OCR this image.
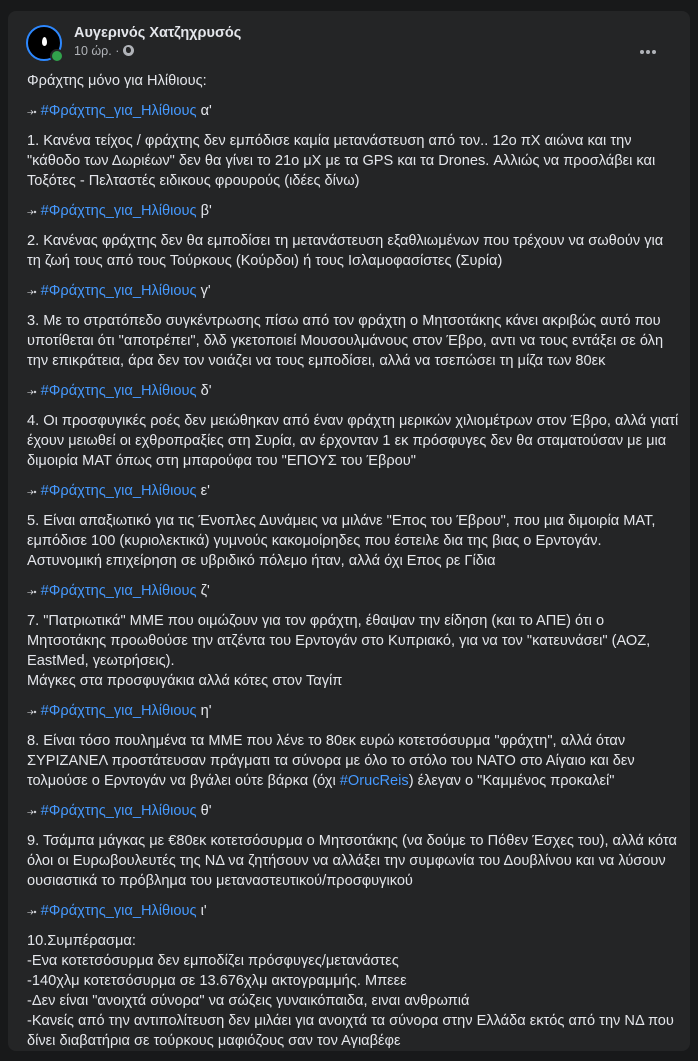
Αυγερινός Χατζηχρυσός
10 ώρ. ·

Φράχτης μόνο για Ηλίθιους:

⤞ #Φράχτης_για_Ηλίθιους α'

1. Κανένα τείχος / φράχτης δεν εμπόδισε καμία μετανάστευση από τον.. 12ο πΧ αιώνα και την "κάθοδο των Δωριέων" δεν θα γίνει το 21ο μΧ με τα GPS και τα Drones. Αλλιώς να προσλάβει και Τοξότες - Πελταστές ειδικους φρουρούς (ιδέες δίνω)

⤞ #Φράχτης_για_Ηλίθιους β'

2. Κανένας φράχτης δεν θα εμποδίσει τη μετανάστευση εξαθλιωμένων που τρέχουν να σωθούν για τη ζωή τους από τους Τούρκους (Κούρδοι) ή τους Ισλαμοφασίστες (Συρία)

⤞ #Φράχτης_για_Ηλίθιους γ'

3. Με το στρατόπεδο συγκέντρωσης πίσω από τον φράχτη ο Μητσοτάκης κάνει ακριβώς αυτό που υποτίθεται ότι "αποτρέπει", δλδ γκετοποιεί Μουσουλμάνους στον Έβρο, αντι να τους εντάξει σε όλη την επικράτεια, άρα δεν τον νοιάζει να τους εμποδίσει, αλλά να τσεπώσει τη μίζα των 80εκ

⤞ #Φράχτης_για_Ηλίθιους δ'

4. Οι προσφυγικές ροές δεν μειώθηκαν από έναν φράχτη μερικών χιλιομέτρων στον Έβρο, αλλά γιατί έχουν μειωθεί οι εχθροπραξίες στη Συρία, αν έρχονταν 1 εκ πρόσφυγες δεν θα σταματούσαν με μια διμοιρία ΜΑΤ όπως στη μπαρούφα του "ΕΠΟΥΣ του Έβρου"

⤞ #Φράχτης_για_Ηλίθιους ε'

5. Είναι απαξιωτικό για τις Ένοπλες Δυνάμεις να μιλάνε "Επος του Έβρου", που μια διμοιρία ΜΑΤ, εμπόδισε 100 (κυριολεκτικά) γυμνούς κακομοίρηδες που έστειλε δια της βιας ο Ερντογάν. Αστυνομική επιχείρηση σε υβριδικό πόλεμο ήταν, αλλά όχι Επος ρε Γίδια

⤞ #Φράχτης_για_Ηλίθιους ζ'

7. "Πατριωτικά" ΜΜΕ που οιμώζουν για τον φράχτη, έθαψαν την είδηση (και το ΑΠΕ) ότι ο Μητσοτάκης προωθούσε την ατζέντα του Ερντογάν στο Κυπριακό, για να τον "κατευνάσει" (ΑΟΖ, EastMed, γεωτρήσεις).
Μάγκες στα προσφυγάκια αλλά κότες στον Ταγίπ

⤞ #Φράχτης_για_Ηλίθιους η'

8. Είναι τόσο πουλημένα τα ΜΜΕ που λένε το 80εκ ευρώ κοτετσόσυρμα "φράχτη", αλλά όταν ΣΥΡΙΖΑΝΕΛ προστάτευσαν πράγματι τα σύνορα με όλο το στόλο του ΝΑΤΟ στο Αίγαιο και δεν τολμούσε ο Ερντογάν να βγάλει ούτε βάρκα (όχι #OrucReis) έλεγαν ο "Καμμένος προκαλεί"

⤞ #Φράχτης_για_Ηλίθιους θ'

9. Τσάμπα μάγκας με €80εκ κοτετσόσυρμα ο Μητσοτάκης (να δούμε το Πόθεν Έσχες του), αλλά κότα όλοι οι Ευρωβουλευτές της ΝΔ να ζητήσουν να αλλάξει την συμφωνία του Δουβλίνου και να λύσουν ουσιαστικά το πρόβλημα του μεταναστευτικού/προσφυγικού

⤞ #Φράχτης_για_Ηλίθιους ι'

10.Συμπέρασμα:
-Ενα κοτετσόσυρμα δεν εμποδίζει πρόσφυγες/μετανάστες
-140χλμ κοτετσόσυρμα σε 13.676χλμ ακτογραμμής. Μπεεε
-Δεν είναι "ανοιχτά σύνορα" να σώζεις γυναικόπαιδα, ειναι ανθρωπιά
-Κανείς από την αντιπολίτευση δεν μιλάει για ανοιχτά τα σύνορα στην Ελλάδα εκτός από την ΝΔ που δίνει διαβατήρια σε τούρκους μαφιόζους σαν τον Αγιαβέφε
